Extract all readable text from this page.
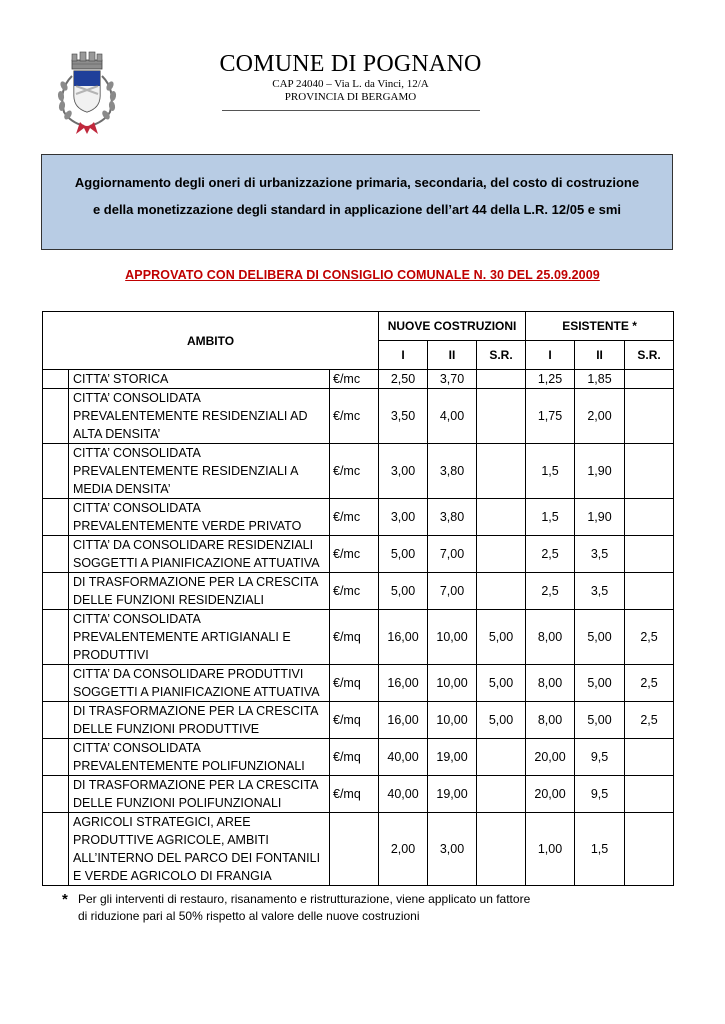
COMUNE DI POGNANO
CAP 24040 – Via L. da Vinci, 12/A
PROVINCIA DI BERGAMO
Aggiornamento degli oneri di urbanizzazione primaria, secondaria, del costo di costruzione
e della monetizzazione degli standard in applicazione dell’art 44 della L.R. 12/05 e smi
APPROVATO CON DELIBERA DI CONSIGLIO COMUNALE N. 30 DEL 25.09.2009
AMBITO			NUOVE COSTRUZIONI			ESISTENTE *		
			I	II	S.R.	I	II	S.R.
	CITTA’ STORICA	€/mc	2,50	3,70		1,25	1,85	
	CITTA’ CONSOLIDATA PREVALENTEMENTE RESIDENZIALI AD ALTA DENSITA’	€/mc	3,50	4,00		1,75	2,00	
	CITTA’ CONSOLIDATA PREVALENTEMENTE RESIDENZIALI A MEDIA DENSITA’	€/mc	3,00	3,80		1,5	1,90	
	CITTA’ CONSOLIDATA PREVALENTEMENTE VERDE PRIVATO	€/mc	3,00	3,80		1,5	1,90	
	CITTA’ DA CONSOLIDARE RESIDENZIALI SOGGETTI A PIANIFICAZIONE ATTUATIVA	€/mc	5,00	7,00		2,5	3,5	
	DI TRASFORMAZIONE PER LA CRESCITA DELLE FUNZIONI RESIDENZIALI	€/mc	5,00	7,00		2,5	3,5	
	CITTA’ CONSOLIDATA PREVALENTEMENTE ARTIGIANALI E PRODUTTIVI	€/mq	16,00	10,00	5,00	8,00	5,00	2,5
	CITTA’ DA CONSOLIDARE PRODUTTIVI SOGGETTI A PIANIFICAZIONE ATTUATIVA	€/mq	16,00	10,00	5,00	8,00	5,00	2,5
	DI TRASFORMAZIONE PER LA CRESCITA DELLE FUNZIONI PRODUTTIVE	€/mq	16,00	10,00	5,00	8,00	5,00	2,5
	CITTA’ CONSOLIDATA PREVALENTEMENTE POLIFUNZIONALI	€/mq	40,00	19,00		20,00	9,5	
	DI TRASFORMAZIONE PER LA CRESCITA DELLE FUNZIONI POLIFUNZIONALI	€/mq	40,00	19,00		20,00	9,5	
	AGRICOLI STRATEGICI, AREE PRODUTTIVE AGRICOLE, AMBITI ALL’INTERNO DEL PARCO DEI FONTANILI E VERDE AGRICOLO DI FRANGIA		2,00	3,00		1,00	1,5	
* Per gli interventi di restauro, risanamento e ristrutturazione, viene applicato un fattore
di riduzione pari al 50% rispetto al valore delle nuove costruzioni
